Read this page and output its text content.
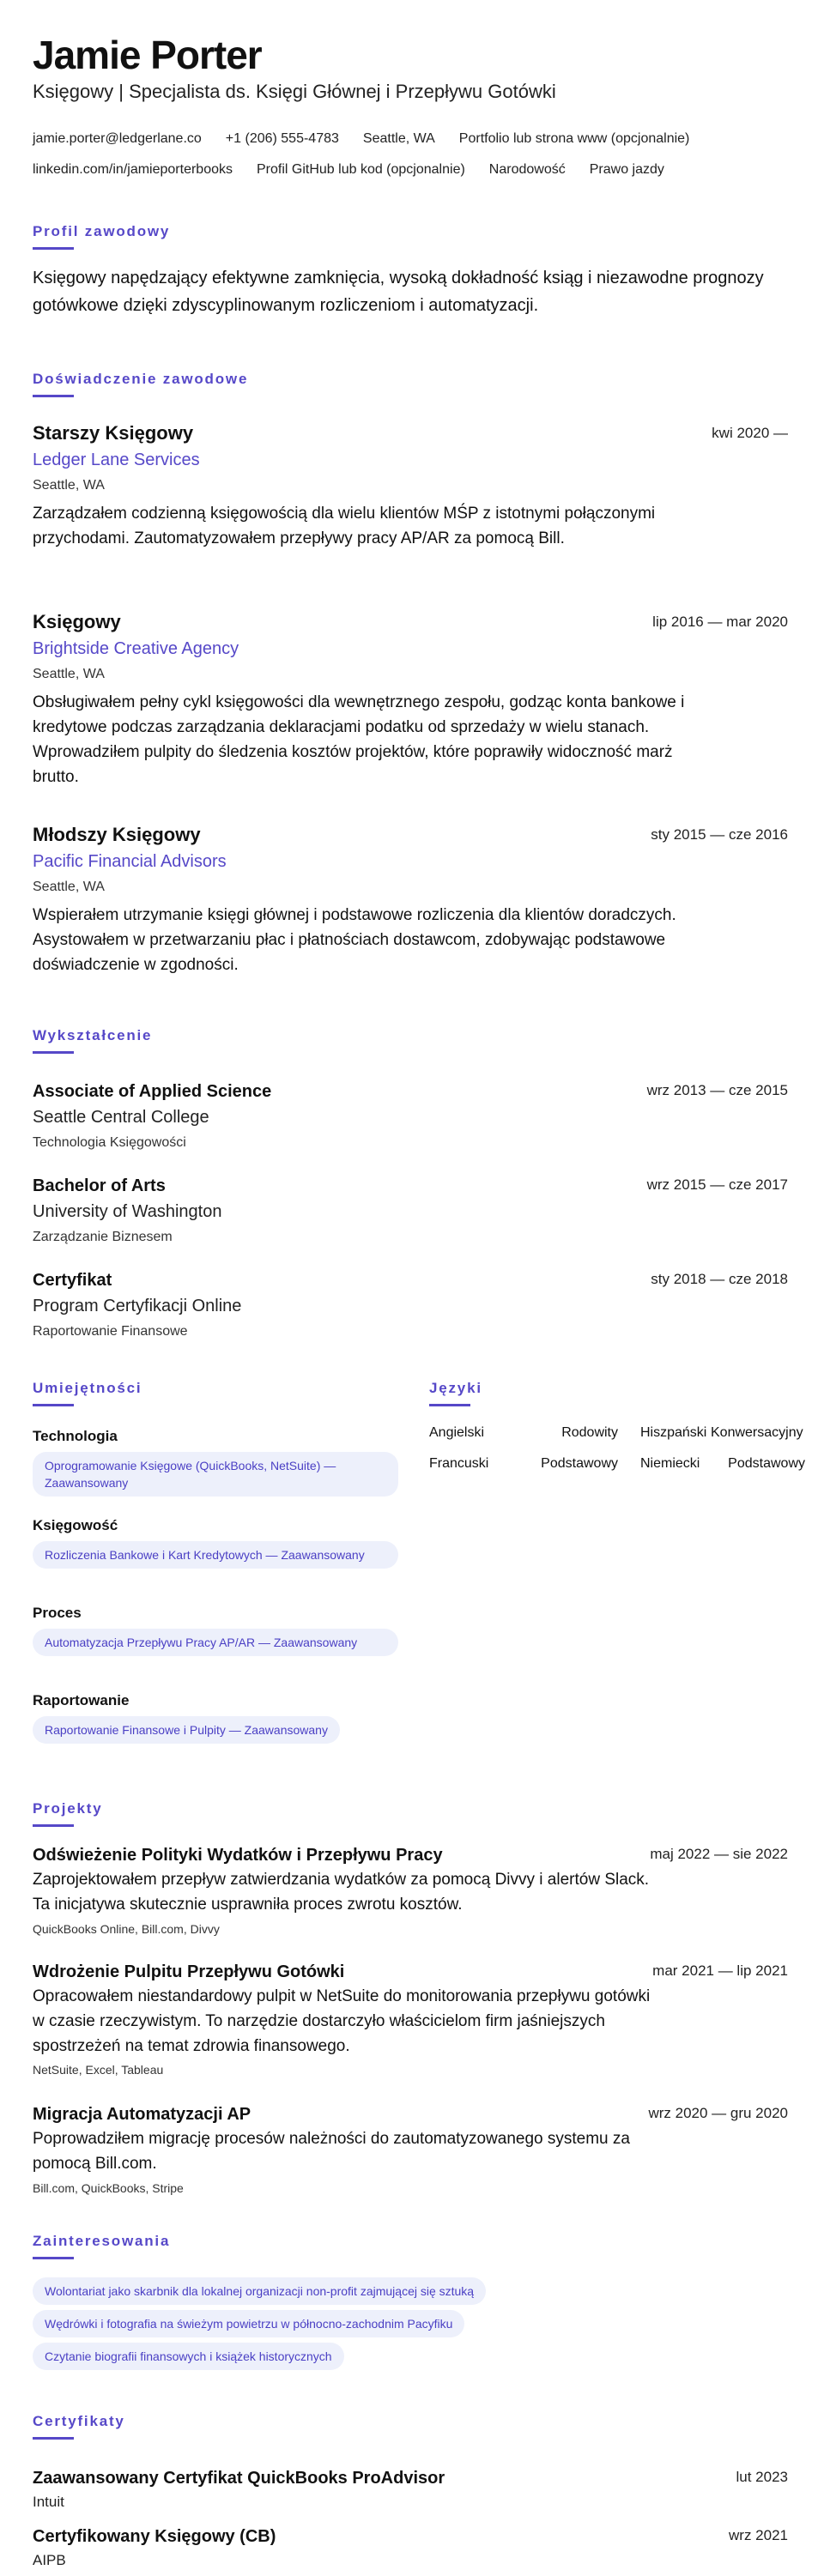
Jamie Porter
Księgowy | Specjalista ds. Księgi Głównej i Przepływu Gotówki
jamie.porter@ledgerlane.co +1 (206) 555-4783 Seattle, WA Portfolio lub strona www (opcjonalnie)
linkedin.com/in/jamieporterbooks Profil GitHub lub kod (opcjonalnie) Narodowość Prawo jazdy
Profil zawodowy
Księgowy napędzający efektywne zamknięcia, wysoką dokładność ksiąg i niezawodne prognozy gotówkowe dzięki zdyscyplinowanym rozliczeniom i automatyzacji.
Doświadczenie zawodowe
Starszy Księgowy	kwi 2020 —
Ledger Lane Services
Seattle, WA
Zarządzałem codzienną księgowością dla wielu klientów MŚP z istotnymi połączonymi przychodami. Zautomatyzowałem przepływy pracy AP/AR za pomocą Bill.
Księgowy	lip 2016 — mar 2020
Brightside Creative Agency
Seattle, WA
Obsługiwałem pełny cykl księgowości dla wewnętrznego zespołu, godząc konta bankowe i kredytowe podczas zarządzania deklaracjami podatku od sprzedaży w wielu stanach. Wprowadziłem pulpity do śledzenia kosztów projektów, które poprawiły widoczność marż brutto.
Młodszy Księgowy	sty 2015 — cze 2016
Pacific Financial Advisors
Seattle, WA
Wspierałem utrzymanie księgi głównej i podstawowe rozliczenia dla klientów doradczych. Asystowałem w przetwarzaniu płac i płatnościach dostawcom, zdobywając podstawowe doświadczenie w zgodności.
Wykształcenie
Associate of Applied Science	wrz 2013 — cze 2015
Seattle Central College
Technologia Księgowości
Bachelor of Arts	wrz 2015 — cze 2017
University of Washington
Zarządzanie Biznesem
Certyfikat	sty 2018 — cze 2018
Program Certyfikacji Online
Raportowanie Finansowe
Umiejętności
Technologia
Oprogramowanie Księgowe (QuickBooks, NetSuite) — Zaawansowany
Księgowość
Rozliczenia Bankowe i Kart Kredytowych — Zaawansowany
Proces
Automatyzacja Przepływu Pracy AP/AR — Zaawansowany
Raportowanie
Raportowanie Finansowe i Pulpity — Zaawansowany
Języki
Angielski	Rodowity Hiszpański Konwersacyjny
Francuski	Podstawowy Niemiecki Podstawowy
Projekty
Odświeżenie Polityki Wydatków i Przepływu Pracy	maj 2022 — sie 2022
Zaprojektowałem przepływ zatwierdzania wydatków za pomocą Divvy i alertów Slack. Ta inicjatywa skutecznie usprawniła proces zwrotu kosztów.
QuickBooks Online, Bill.com, Divvy
Wdrożenie Pulpitu Przepływu Gotówki	mar 2021 — lip 2021
Opracowałem niestandardowy pulpit w NetSuite do monitorowania przepływu gotówki w czasie rzeczywistym. To narzędzie dostarczyło właścicielom firm jaśniejszych spostrzeżeń na temat zdrowia finansowego.
NetSuite, Excel, Tableau
Migracja Automatyzacji AP	wrz 2020 — gru 2020
Poprowadziłem migrację procesów należności do zautomatyzowanego systemu za pomocą Bill.com.
Bill.com, QuickBooks, Stripe
Zainteresowania
Wolontariat jako skarbnik dla lokalnej organizacji non-profit zajmującej się sztuką
Wędrówki i fotografia na świeżym powietrzu w północno-zachodnim Pacyfiku
Czytanie biografii finansowych i książek historycznych
Certyfikaty
Zaawansowany Certyfikat QuickBooks ProAdvisor	lut 2023
Intuit
Certyfikowany Księgowy (CB)	wrz 2021
AIPB
